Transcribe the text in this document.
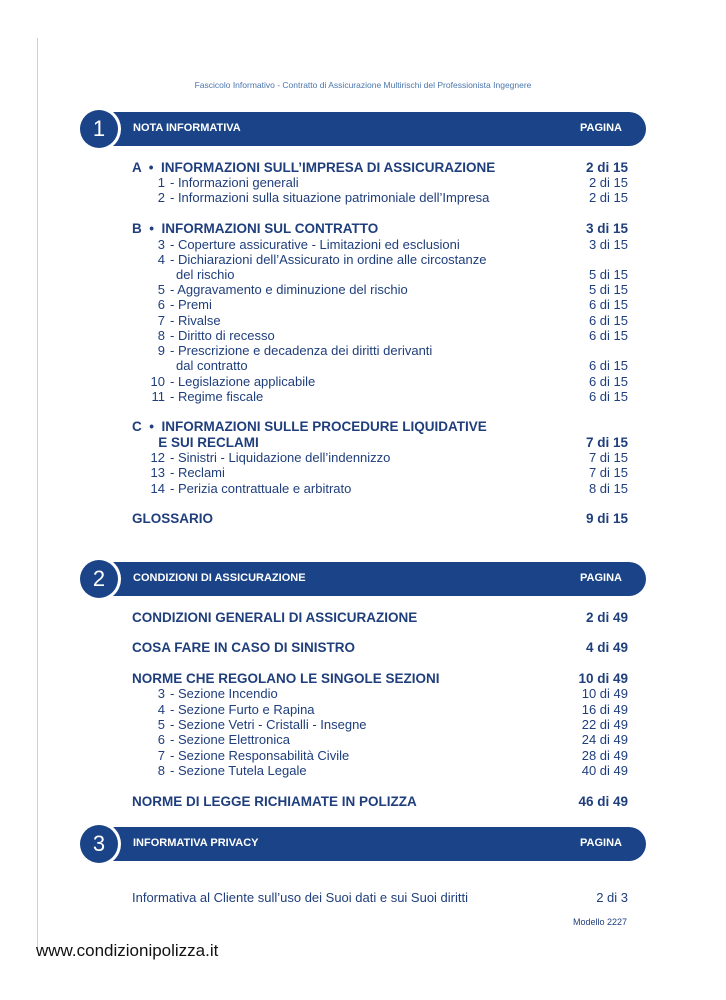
Fascicolo Informativo - Contratto di Assicurazione Multirischi del Professionista Ingegnere
1	NOTA INFORMATIVA	PAGINA
A  •  INFORMAZIONI SULL’IMPRESA DI ASSICURAZIONE	2 di 15
1 - Informazioni generali	2 di 15
2 - Informazioni sulla situazione patrimoniale dell’Impresa	2 di 15
B  •  INFORMAZIONI SUL CONTRATTO	3 di 15
3 - Coperture assicurative - Limitazioni ed esclusioni	3 di 15
4 - Dichiarazioni dell’Assicurato in ordine alle circostanze
del rischio	5 di 15
5 - Aggravamento e diminuzione del rischio	5 di 15
6 - Premi	6 di 15
7 - Rivalse	6 di 15
8 - Diritto di recesso	6 di 15
9 - Prescrizione e decadenza dei diritti derivanti
dal contratto	6 di 15
10 - Legislazione applicabile	6 di 15
11 - Regime fiscale	6 di 15
C  •  INFORMAZIONI SULLE PROCEDURE LIQUIDATIVE
E SUI RECLAMI	7 di 15
12 - Sinistri - Liquidazione dell’indennizzo	7 di 15
13 - Reclami	7 di 15
14 - Perizia contrattuale e arbitrato	8 di 15
GLOSSARIO	9 di 15
2	CONDIZIONI DI ASSICURAZIONE	PAGINA
CONDIZIONI GENERALI DI ASSICURAZIONE	2 di 49
COSA FARE IN CASO DI SINISTRO	4 di 49
NORME CHE REGOLANO LE SINGOLE SEZIONI	10 di 49
3 - Sezione Incendio	10 di 49
4 - Sezione Furto e Rapina	16 di 49
5 - Sezione Vetri - Cristalli - Insegne	22 di 49
6 - Sezione Elettronica	24 di 49
7 - Sezione Responsabilità Civile	28 di 49
8 - Sezione Tutela Legale	40 di 49
NORME DI LEGGE RICHIAMATE IN POLIZZA	46 di 49
3	INFORMATIVA PRIVACY	PAGINA
Informativa al Cliente sull’uso dei Suoi dati e sui Suoi diritti	2 di 3
Modello 2227
www.condizionipolizza.it
